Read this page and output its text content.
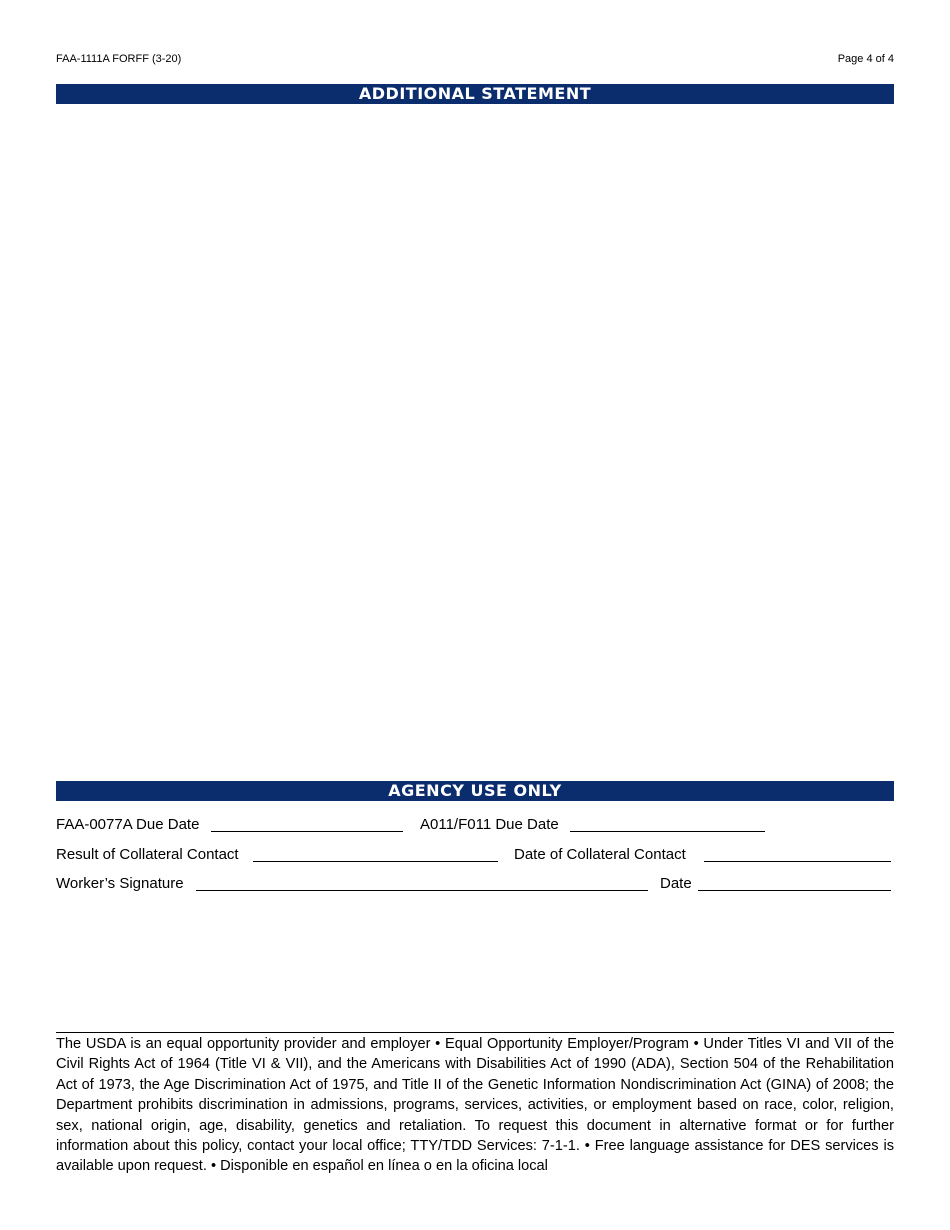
FAA-1111A FORFF (3-20)	Page 4 of 4
ADDITIONAL STATEMENT
AGENCY USE ONLY
FAA-0077A Due Date	A011/F011 Due Date
Result of Collateral Contact	Date of Collateral Contact
Worker’s Signature	Date
The USDA is an equal opportunity provider and employer • Equal Opportunity Employer/Program • Under Titles VI and VII of the Civil Rights Act of 1964 (Title VI & VII), and the Americans with Disabilities Act of 1990 (ADA), Section 504 of the Rehabilitation Act of 1973, the Age Discrimination Act of 1975, and Title II of the Genetic Information Nondiscrimination Act (GINA) of 2008; the Department prohibits discrimination in admissions, programs, services, activities, or employment based on race, color, religion, sex, national origin, age, disability, genetics and retaliation. To request this document in alternative format or for further information about this policy, contact your local office; TTY/TDD Services: 7-1-1. • Free language assistance for DES services is available upon request. • Disponible en español en línea o en la oficina local
